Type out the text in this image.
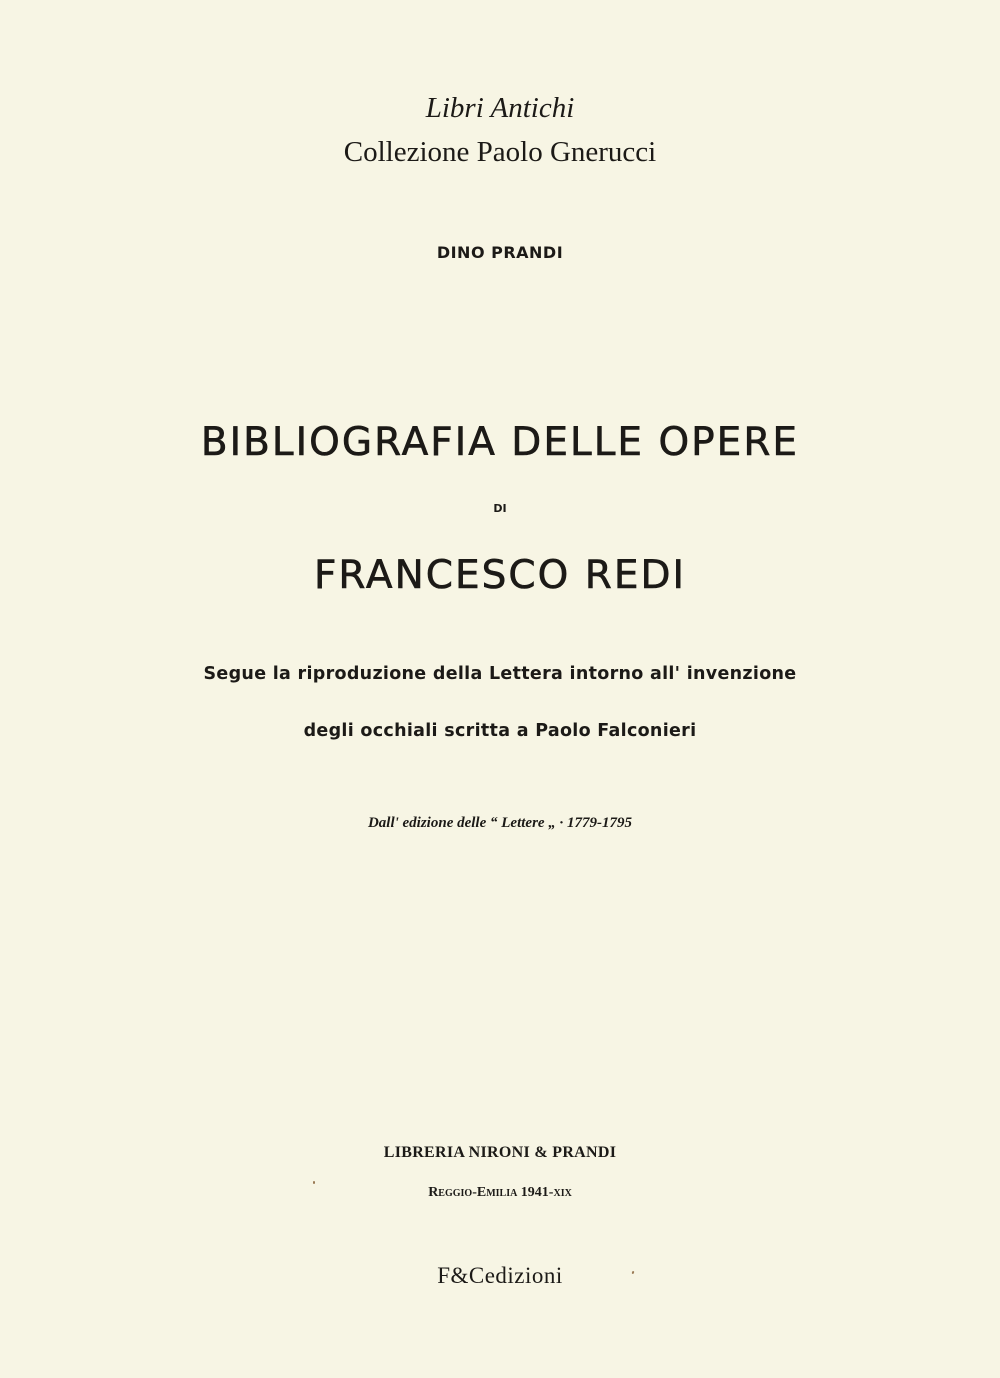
Libri Antichi
Collezione Paolo Gnerucci
DINO PRANDI
BIBLIOGRAFIA DELLE OPERE
DI
FRANCESCO REDI
Segue la riproduzione della Lettera intorno all' invenzione
degli occhiali scritta a Paolo Falconieri
Dall' edizione delle “ Lettere „ · 1779-1795
LIBRERIA NIRONI & PRANDI
Reggio-Emilia 1941-xix
F&Cedizioni
